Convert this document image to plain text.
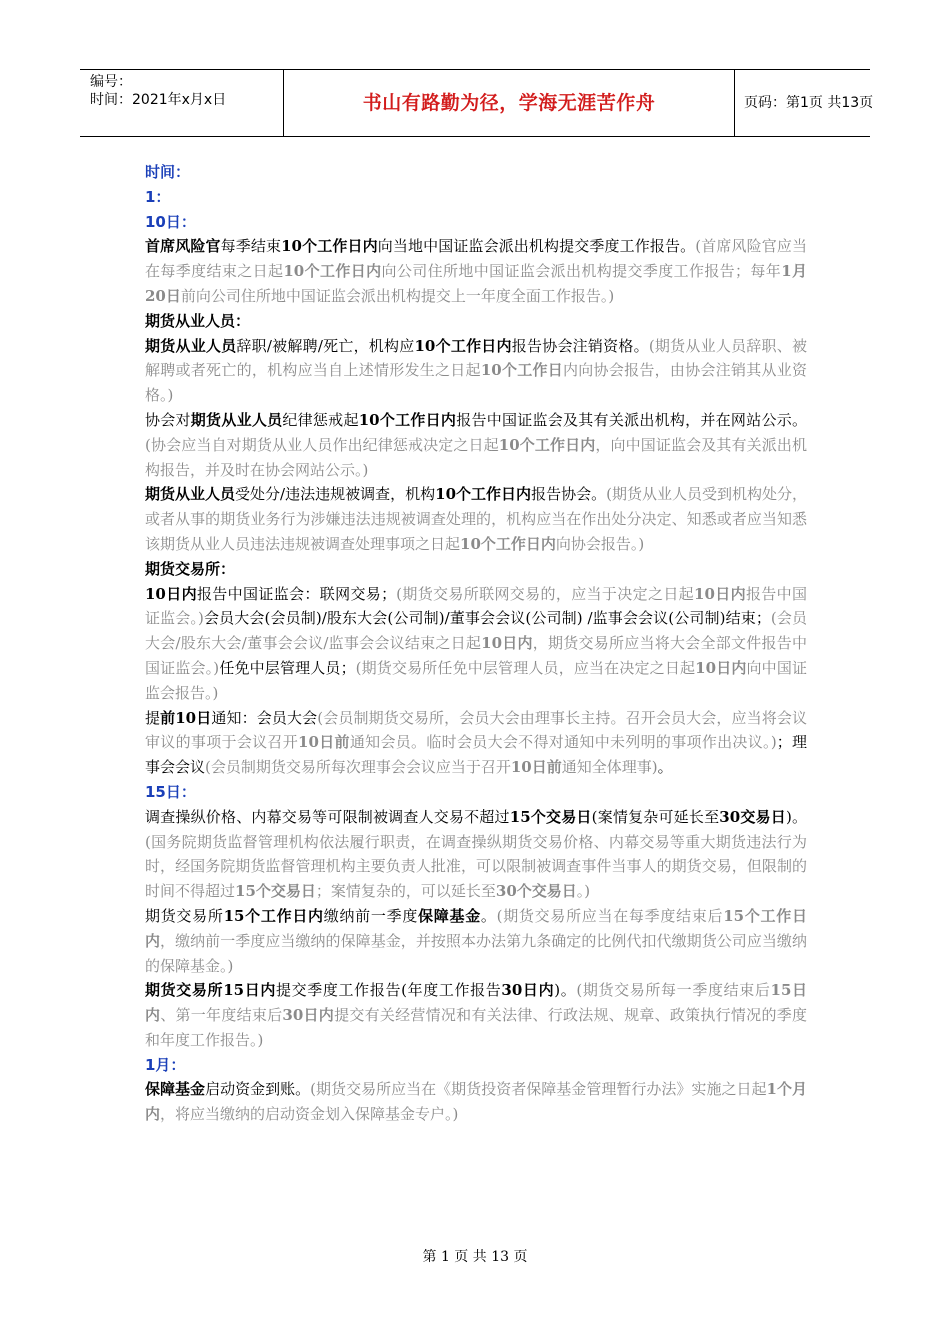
编号：
时间：2021年x月x日	书山有路勤为径，学海无涯苦作舟	页码：第1页 共13页

时间：

1：

10日：

首席风险官每季结束10个工作日内向当地中国证监会派出机构提交季度工作报告。(首席风险官应当在每季度结束之日起10个工作日内向公司住所地中国证监会派出机构提交季度工作报告；每年1月20日前向公司住所地中国证监会派出机构提交上一年度全面工作报告。)

期货从业人员：

期货从业人员辞职/被解聘/死亡，机构应10个工作日内报告协会注销资格。(期货从业人员辞职、被解聘或者死亡的，机构应当自上述情形发生之日起10个工作日内向协会报告，由协会注销其从业资格。)

协会对期货从业人员纪律惩戒起10个工作日内报告中国证监会及其有关派出机构，并在网站公示。(协会应当自对期货从业人员作出纪律惩戒决定之日起10个工作日内，向中国证监会及其有关派出机构报告，并及时在协会网站公示。)

期货从业人员受处分/违法违规被调查，机构10个工作日内报告协会。(期货从业人员受到机构处分，或者从事的期货业务行为涉嫌违法违规被调查处理的，机构应当在作出处分决定、知悉或者应当知悉该期货从业人员违法违规被调查处理事项之日起10个工作日内向协会报告。)

期货交易所：

10日内报告中国证监会：联网交易；(期货交易所联网交易的，应当于决定之日起10日内报告中国证监会。)会员大会(会员制)/股东大会(公司制)/董事会会议(公司制) /监事会会议(公司制)结束；(会员大会/股东大会/董事会会议/监事会会议结束之日起10日内，期货交易所应当将大会全部文件报告中国证监会。)任免中层管理人员；(期货交易所任免中层管理人员，应当在决定之日起10日内向中国证监会报告。)

提前10日通知：会员大会(会员制期货交易所，会员大会由理事长主持。召开会员大会，应当将会议审议的事项于会议召开10日前通知会员。临时会员大会不得对通知中未列明的事项作出决议。)；理事会会议(会员制期货交易所每次理事会会议应当于召开10日前通知全体理事)。

15日：

调查操纵价格、内幕交易等可限制被调查人交易不超过15个交易日(案情复杂可延长至30交易日)。(国务院期货监督管理机构依法履行职责，在调查操纵期货交易价格、内幕交易等重大期货违法行为时，经国务院期货监督管理机构主要负责人批准，可以限制被调查事件当事人的期货交易，但限制的时间不得超过15个交易日；案情复杂的，可以延长至30个交易日。)

期货交易所15个工作日内缴纳前一季度保障基金。(期货交易所应当在每季度结束后15个工作日内，缴纳前一季度应当缴纳的保障基金，并按照本办法第九条确定的比例代扣代缴期货公司应当缴纳的保障基金。)

期货交易所15日内提交季度工作报告(年度工作报告30日内)。(期货交易所每一季度结束后15日内、第一年度结束后30日内提交有关经营情况和有关法律、行政法规、规章、政策执行情况的季度和年度工作报告。)

1月：

保障基金启动资金到账。(期货交易所应当在《期货投资者保障基金管理暂行办法》实施之日起1个月内，将应当缴纳的启动资金划入保障基金专户。)

第 1 页 共 13 页
